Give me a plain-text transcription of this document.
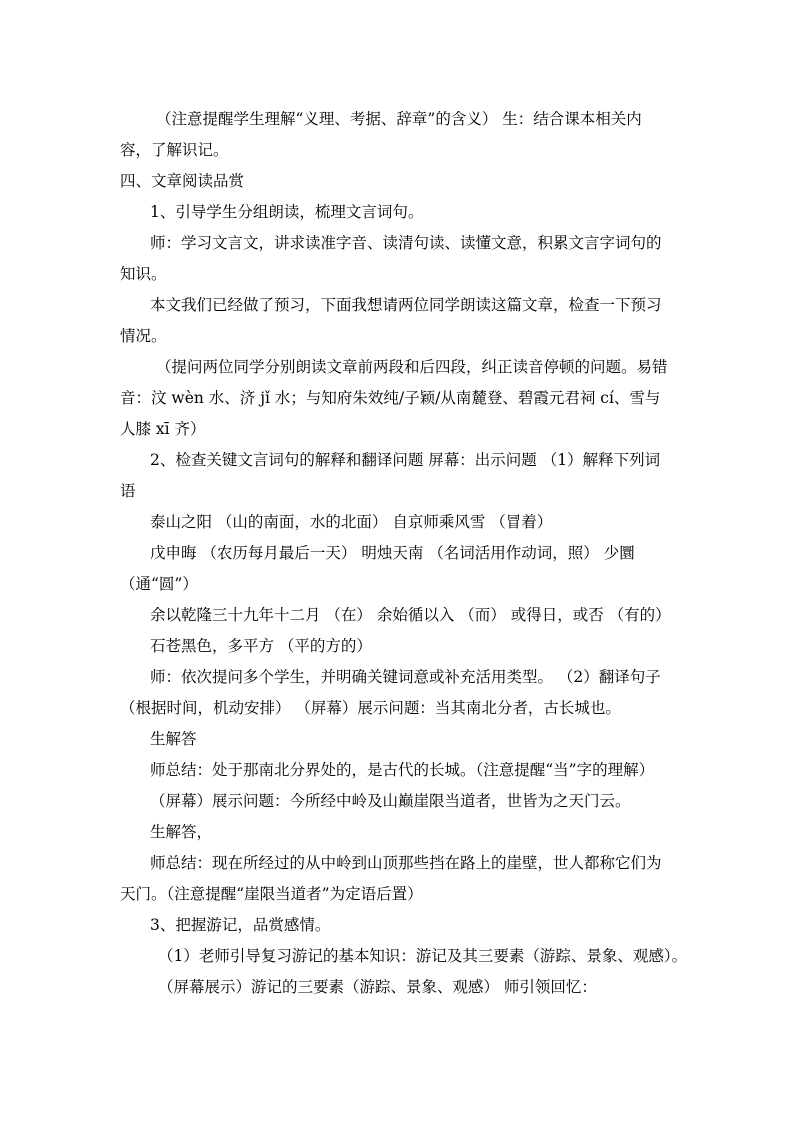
（注意提醒学生理解“义理、考据、辞章”的含义） 生：结合课本相关内
容，了解识记。
四、文章阅读品赏
1、引导学生分组朗读，梳理文言词句。
师：学习文言文，讲求读准字音、读清句读、读懂文意，积累文言字词句的
知识。
本文我们已经做了预习，下面我想请两位同学朗读这篇文章，检查一下预习
情况。
（提问两位同学分别朗读文章前两段和后四段，纠正读音停顿的问题。易错
音：汶 wèn 水、济 jǐ 水；与知府朱效纯/子颖/从南麓登、碧霞元君祠 cí、雪与
人膝 xī 齐）
2、检查关键文言词句的解释和翻译问题 屏幕：出示问题 （1）解释下列词
语
泰山之阳 （山的南面，水的北面） 自京师乘风雪 （冒着）
戊申晦 （农历每月最后一天） 明烛天南 （名词活用作动词，照） 少圜
（通“圆”）
余以乾隆三十九年十二月 （在） 余始循以入 （而） 或得日，或否 （有的）
石苍黑色，多平方 （平的方的）
师：依次提问多个学生，并明确关键词意或补充活用类型。 （2）翻译句子
（根据时间，机动安排） （屏幕）展示问题：当其南北分者，古长城也。
生解答
师总结：处于那南北分界处的，是古代的长城。（注意提醒“当”字的理解）
（屏幕）展示问题：今所经中岭及山巅崖限当道者，世皆为之天门云。
生解答，
师总结：现在所经过的从中岭到山顶那些挡在路上的崖壁，世人都称它们为
天门。（注意提醒“崖限当道者”为定语后置）
3、把握游记，品赏感情。
（1）老师引导复习游记的基本知识：游记及其三要素（游踪、景象、观感）。
（屏幕展示）游记的三要素（游踪、景象、观感） 师引领回忆：
